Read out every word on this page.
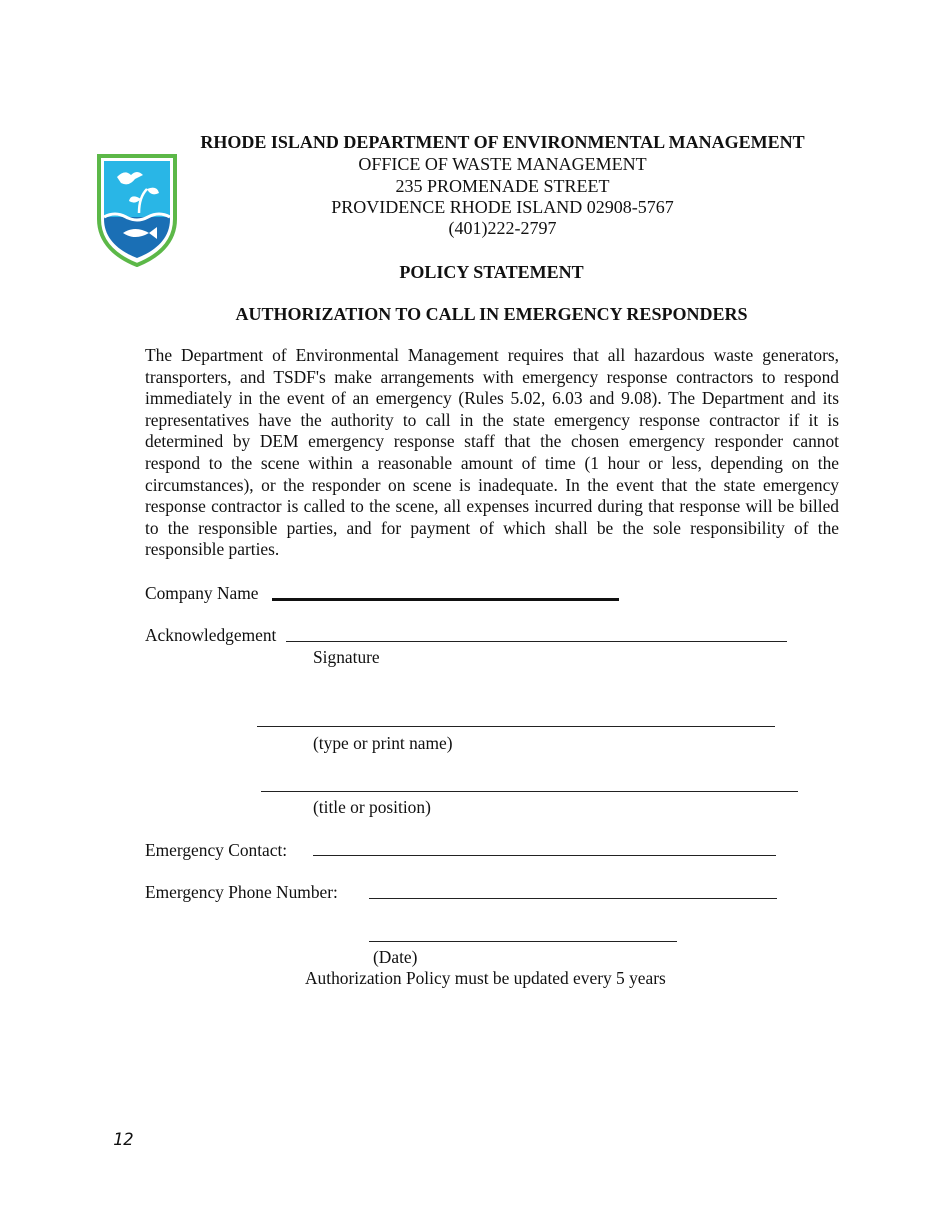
RHODE ISLAND DEPARTMENT OF ENVIRONMENTAL MANAGEMENT
OFFICE OF WASTE MANAGEMENT
235 PROMENADE STREET
PROVIDENCE RHODE ISLAND 02908-5767
(401)222-2797
POLICY STATEMENT
AUTHORIZATION TO CALL IN EMERGENCY RESPONDERS
The Department of Environmental Management requires that all hazardous waste generators, transporters, and TSDF's make arrangements with emergency response contractors to respond immediately in the event of an emergency (Rules 5.02, 6.03 and 9.08). The Department and its representatives have the authority to call in the state emergency response contractor if it is determined by DEM emergency response staff that the chosen emergency responder cannot respond to the scene within a reasonable amount of time (1 hour or less, depending on the circumstances), or the responder on scene is inadequate. In the event that the state emergency response contractor is called to the scene, all expenses incurred during that response will be billed to the responsible parties, and for payment of which shall be the sole responsibility of the responsible parties.
Company Name
Acknowledgement
Signature
(type or print name)
(title or position)
Emergency Contact:
Emergency Phone Number:
(Date)
Authorization Policy must be updated every 5 years
12
